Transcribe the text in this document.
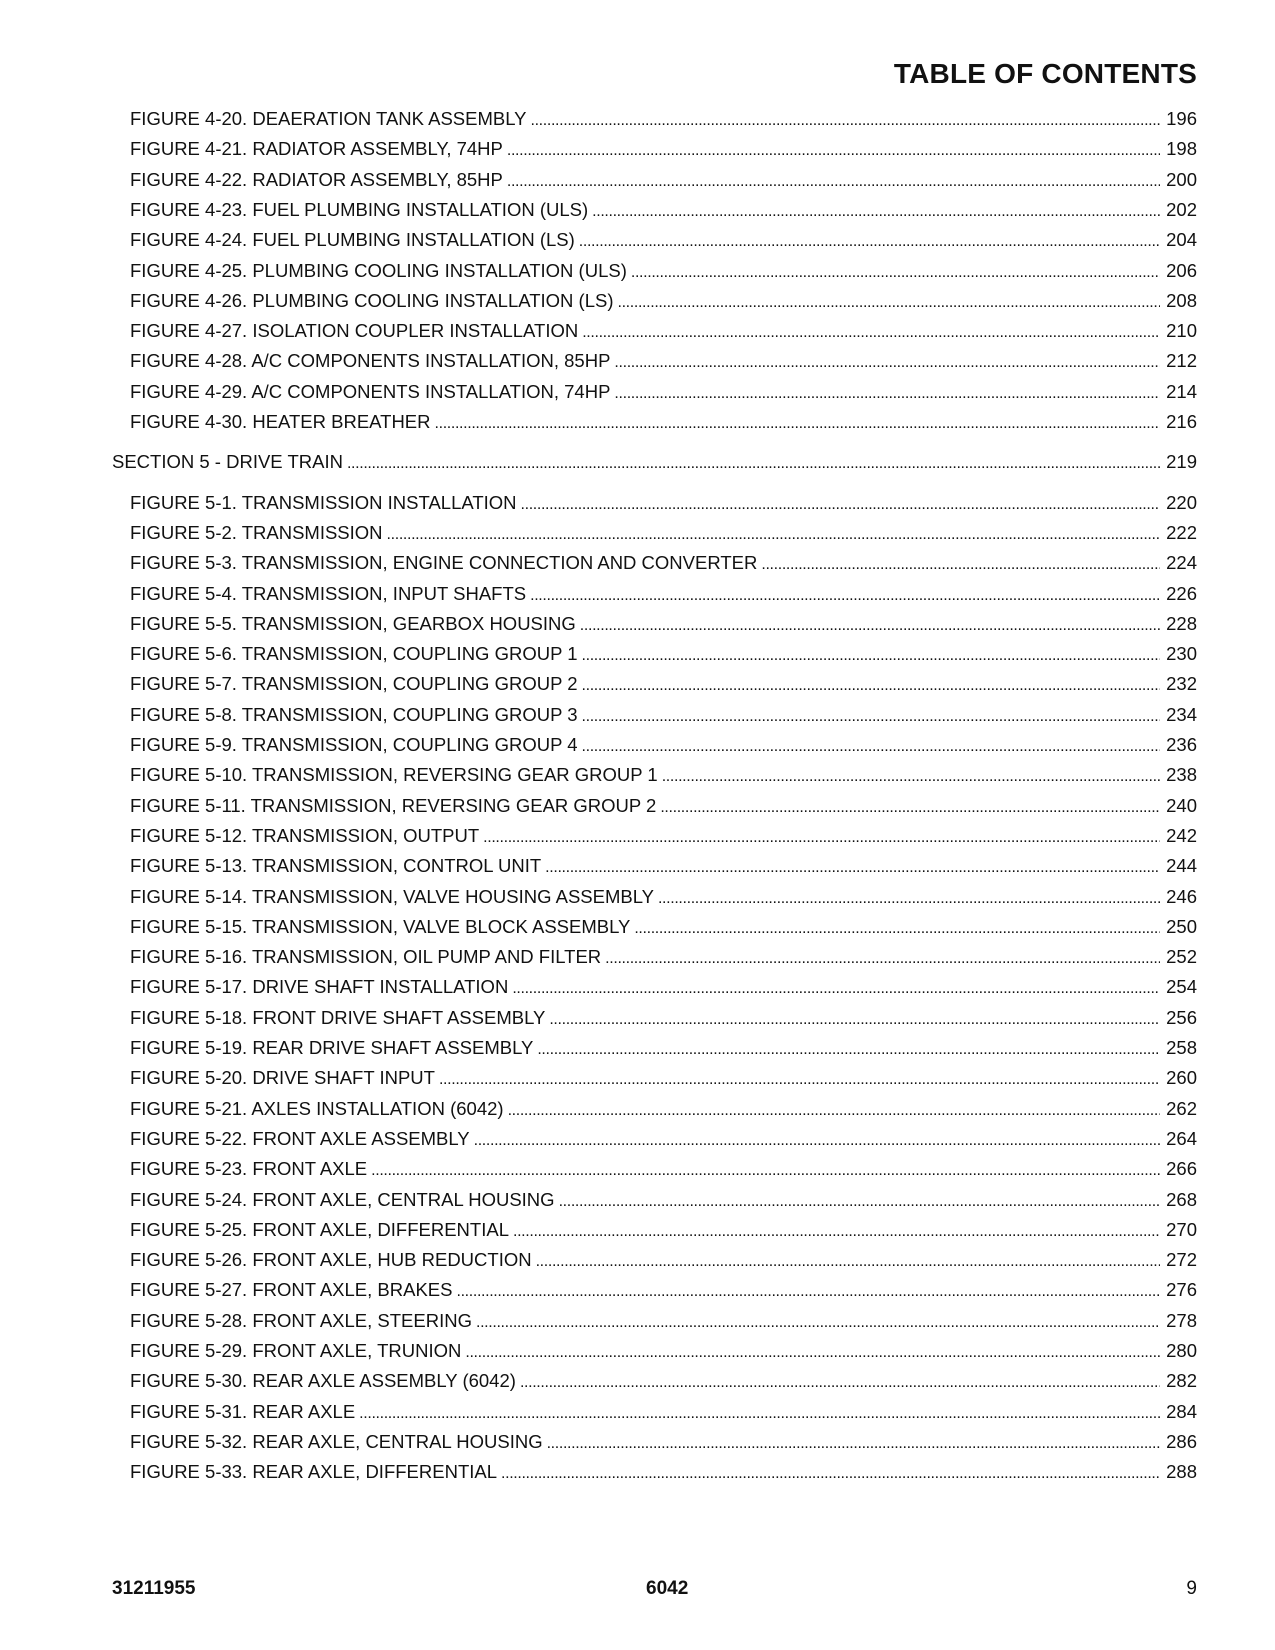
TABLE OF CONTENTS
FIGURE 4-20. DEAERATION TANK ASSEMBLY . . .	196
FIGURE 4-21. RADIATOR ASSEMBLY, 74HP . . .	198
FIGURE 4-22. RADIATOR ASSEMBLY, 85HP . . .	200
FIGURE 4-23. FUEL PLUMBING INSTALLATION (ULS) . . .	202
FIGURE 4-24. FUEL PLUMBING INSTALLATION (LS) . . .	204
FIGURE 4-25. PLUMBING COOLING INSTALLATION (ULS) . . .	206
FIGURE 4-26. PLUMBING COOLING INSTALLATION (LS) . . .	208
FIGURE 4-27. ISOLATION COUPLER INSTALLATION . . .	210
FIGURE 4-28. A/C COMPONENTS INSTALLATION, 85HP . . .	212
FIGURE 4-29. A/C COMPONENTS INSTALLATION, 74HP . . .	214
FIGURE 4-30. HEATER BREATHER . . .	216
SECTION 5 - DRIVE TRAIN . . .	219
FIGURE 5-1. TRANSMISSION INSTALLATION . . .	220
FIGURE 5-2. TRANSMISSION . . .	222
FIGURE 5-3. TRANSMISSION, ENGINE CONNECTION AND CONVERTER . . .	224
FIGURE 5-4. TRANSMISSION, INPUT SHAFTS . . .	226
FIGURE 5-5. TRANSMISSION, GEARBOX HOUSING . . .	228
FIGURE 5-6. TRANSMISSION, COUPLING GROUP 1 . . .	230
FIGURE 5-7. TRANSMISSION, COUPLING GROUP 2 . . .	232
FIGURE 5-8. TRANSMISSION, COUPLING GROUP 3 . . .	234
FIGURE 5-9. TRANSMISSION, COUPLING GROUP 4 . . .	236
FIGURE 5-10. TRANSMISSION, REVERSING GEAR GROUP 1 . . .	238
FIGURE 5-11. TRANSMISSION, REVERSING GEAR GROUP 2 . . .	240
FIGURE 5-12. TRANSMISSION, OUTPUT . . .	242
FIGURE 5-13. TRANSMISSION, CONTROL UNIT . . .	244
FIGURE 5-14. TRANSMISSION, VALVE HOUSING ASSEMBLY . . .	246
FIGURE 5-15. TRANSMISSION, VALVE BLOCK ASSEMBLY . . .	250
FIGURE 5-16. TRANSMISSION, OIL PUMP AND FILTER . . .	252
FIGURE 5-17. DRIVE SHAFT INSTALLATION . . .	254
FIGURE 5-18. FRONT DRIVE SHAFT ASSEMBLY . . .	256
FIGURE 5-19. REAR DRIVE SHAFT ASSEMBLY . . .	258
FIGURE 5-20. DRIVE SHAFT INPUT . . .	260
FIGURE 5-21. AXLES INSTALLATION (6042) . . .	262
FIGURE 5-22. FRONT AXLE ASSEMBLY . . .	264
FIGURE 5-23. FRONT AXLE . . .	266
FIGURE 5-24. FRONT AXLE, CENTRAL HOUSING . . .	268
FIGURE 5-25. FRONT AXLE, DIFFERENTIAL . . .	270
FIGURE 5-26. FRONT AXLE, HUB REDUCTION . . .	272
FIGURE 5-27. FRONT AXLE, BRAKES . . .	276
FIGURE 5-28. FRONT AXLE, STEERING . . .	278
FIGURE 5-29. FRONT AXLE, TRUNION . . .	280
FIGURE 5-30. REAR AXLE ASSEMBLY (6042) . . .	282
FIGURE 5-31. REAR AXLE . . .	284
FIGURE 5-32. REAR AXLE, CENTRAL HOUSING . . .	286
FIGURE 5-33. REAR AXLE, DIFFERENTIAL . . .	288
31211955	6042	9
